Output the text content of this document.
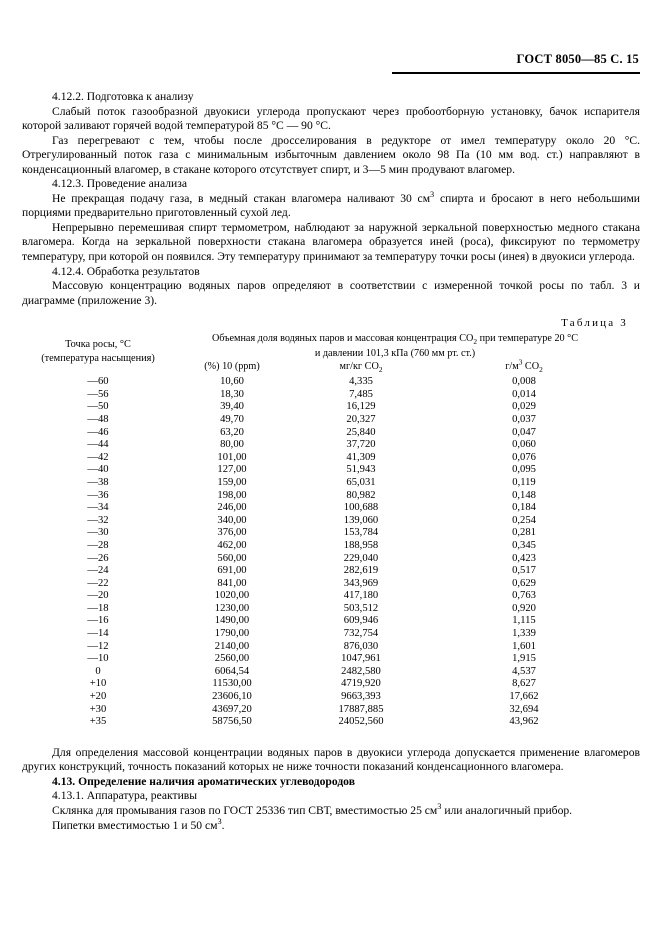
ГОСТ 8050—85 С. 15
4.12.2. Подготовка к анализу

Слабый поток газообразной двуокиси углерода пропускают через пробоотборную установку, бачок испарителя которой заливают горячей водой температурой 85 °С — 90 °С.

Газ перегревают с тем, чтобы после дросселирования в редукторе от имел температуру около 20 °С. Отрегулированный поток газа с минимальным избыточным давлением около 98 Па (10 мм вод. ст.) направляют в конденсационный влагомер, в стакане которого отсутствует спирт, и 3—5 мин продувают влагомер.

4.12.3. Проведение анализа

Не прекращая подачу газа, в медный стакан влагомера наливают 30 $см^3$ спирта и бросают в него небольшими порциями предварительно приготовленный сухой лед.

Непрерывно перемешивая спирт термометром, наблюдают за наружной зеркальной поверхностью медного стакана влагомера. Когда на зеркальной поверхности стакана влагомера образуется иней (роса), фиксируют по термометру температуру, при которой он появился. Эту температуру принимают за температуру точки росы (инея) в двуокиси углерода.

4.12.4. Обработка результатов

Массовую концентрацию водяных паров определяют в соответствии с измеренной точкой росы по табл. 3 и диаграмме (приложение 3).

Таблица 3
Точка росы, °С
(температура насыщения)

Объемная доля водяных паров и массовая концентрация $CO_2$ при температуре 20 °С
и давлении 101,3 кПа (760 мм рт. ст.)

	(%) 10 (ppm)	мг/кг $CO_2$	$г/м^3$ $CO_2$
—60	10,60	4,335	0,008
—56	18,30	7,485	0,014
—50	39,40	16,129	0,029
—48	49,70	20,327	0,037
—46	63,20	25,840	0,047
—44	80,00	37,720	0,060
—42	101,00	41,309	0,076
—40	127,00	51,943	0,095
—38	159,00	65,031	0,119
—36	198,00	80,982	0,148
—34	246,00	100,688	0,184
—32	340,00	139,060	0,254
—30	376,00	153,784	0,281
—28	462,00	188,958	0,345
—26	560,00	229,040	0,423
—24	691,00	282,619	0,517
—22	841,00	343,969	0,629
—20	1020,00	417,180	0,763
—18	1230,00	503,512	0,920
—16	1490,00	609,946	1,115
—14	1790,00	732,754	1,339
—12	2140,00	876,030	1,601
—10	2560,00	1047,961	1,915
0	6064,54	2482,580	4,537
+10	11530,00	4719,920	8,627
+20	23606,10	9663,393	17,662
+30	43697,20	17887,885	32,694
+35	58756,50	24052,560	43,962

Для определения массовой концентрации водяных паров в двуокиси углерода допускается применение влагомеров других конструкций, точность показаний которых не ниже точности показаний конденсационного влагомера.

4.13. Определение наличия ароматических углеводородов
4.13.1. Аппаратура, реактивы

Склянка для промывания газов по ГОСТ 25336 тип СВТ, вместимостью 25 $см^3$ или аналогичный прибор.

Пипетки вместимостью 1 и 50 $см^3$.
